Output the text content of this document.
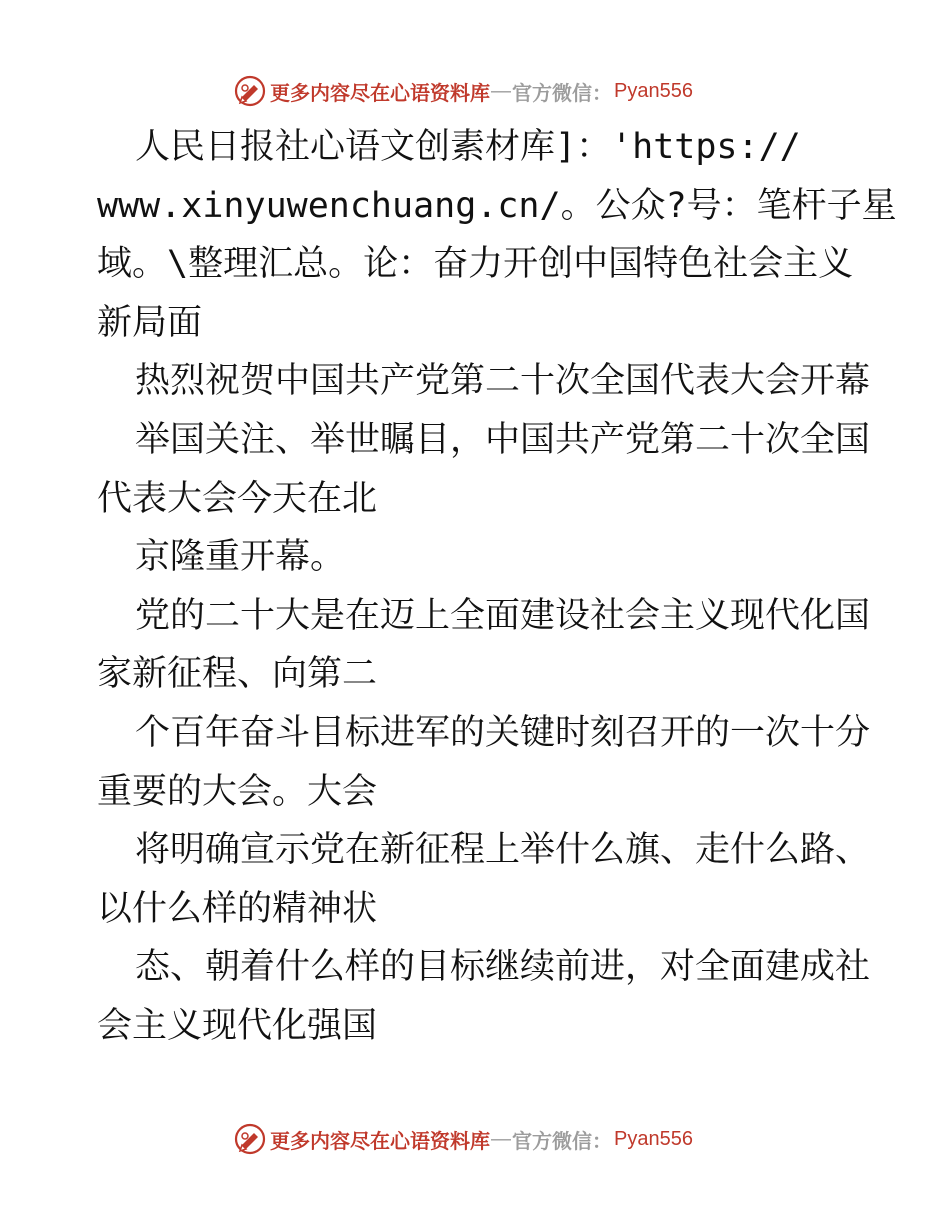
更多内容尽在心语资料库 — 官方微信： Pyan556
人民日报社心语文创素材库]：'https://
www.xinyuwenchuang.cn/。公众?号：笔杆子星
域。\整理汇总。论：奋力开创中国特色社会主义
新局面
热烈祝贺中国共产党第二十次全国代表大会开幕
举国关注、举世瞩目，中国共产党第二十次全国
代表大会今天在北
京隆重开幕。
党的二十大是在迈上全面建设社会主义现代化国
家新征程、向第二
个百年奋斗目标进军的关键时刻召开的一次十分
重要的大会。大会
将明确宣示党在新征程上举什么旗、走什么路、
以什么样的精神状
态、朝着什么样的目标继续前进，对全面建成社
会主义现代化强国
更多内容尽在心语资料库 — 官方微信： Pyan556
